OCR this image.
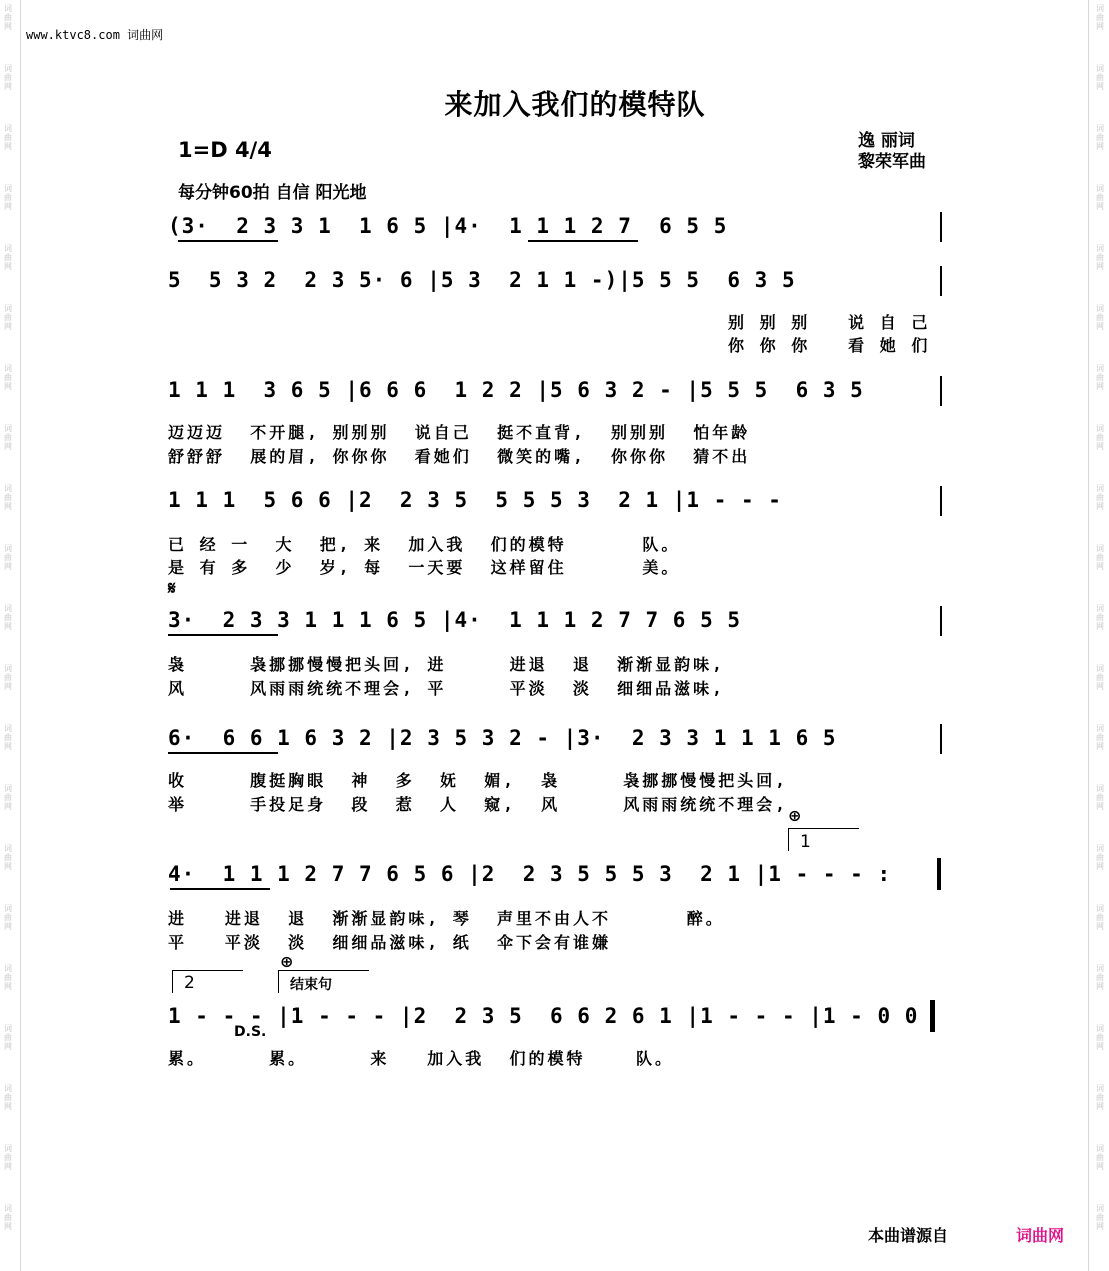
www.ktvc8.com 词曲网
来加入我们的模特队
1=D 4/4	逸 丽词
黎荣军曲
每分钟60拍 自信 阳光地
(3·  2 3 3 1  1 6 5 |4·  1 1 1 2 7  6 5 5
5  5 3 2  2 3 5· 6 |5 3  2 1 1 -)|5 5 5  6 3 5
别 别 别   说 自 己
你 你 你   看 她 们
1 1 1  3 6 5 |6 6 6  1 2 2 |5 6 3 2 - |5 5 5  6 3 5
迈迈迈  不开腿, 别别别  说自己  挺不直背,  别别别  怕年龄
舒舒舒  展的眉, 你你你  看她们  微笑的嘴,  你你你  猜不出
1 1 1  5 6 6 |2  2 3 5  5 5 5 3  2 1 |1 - - -
已 经 一  大  把, 来  加入我  们的模特      队。
是 有 多  少  岁, 每  一天要  这样留住      美。
𝄋
3·  2 3 3 1 1 1 6 5 |4·  1 1 1 2 7 7 6 5 5
袅     袅挪挪慢慢把头回, 进     进退  退  渐渐显韵味,
风     风雨雨统统不理会, 平     平淡  淡  细细品滋味,
6·  6 6 1 6 3 2 |2 3 5 3 2 - |3·  2 3 3 1 1 1 6 5
收     腹挺胸眼  神  多  妩  媚,  袅     袅挪挪慢慢把头回,
举     手投足身  段  惹  人  窥,  风     风雨雨统统不理会,
⊕
1
4·  1 1 1 2 7 7 6 5 6 |2  2 3 5 5 5 3  2 1 |1 - - - :
进   进退  退  渐渐显韵味, 琴  声里不由人不      醉。
平   平淡  淡  细细品滋味, 纸  伞下会有谁嫌
2
⊕
结束句
1 - - - |1 - - - |2  2 3 5  6 6 2 6 1 |1 - - - |1 - 0 0
D.S.
累。     累。     来   加入我  们的模特    队。
本曲谱源自	词曲网
词
曲
网
词
曲
网
词
曲
网
词
曲
网
词
曲
网
词
曲
网
词
曲
网
词
曲
网
词
曲
网
词
曲
网
词
曲
网
词
曲
网
词
曲
网
词
曲
网
词
曲
网
词
曲
网
词
曲
网
词
曲
网
词
曲
网
词
曲
网
词
曲
网
词
曲
网
词
曲
网
词
曲
网
词
曲
网
词
曲
网
词
曲
网
词
曲
网
词
曲
网
词
曲
网
词
曲
网
词
曲
网
词
曲
网
词
曲
网
词
曲
网
词
曲
网
词
曲
网
词
曲
网
词
曲
网
词
曲
网
词
曲
网
词
曲
网
